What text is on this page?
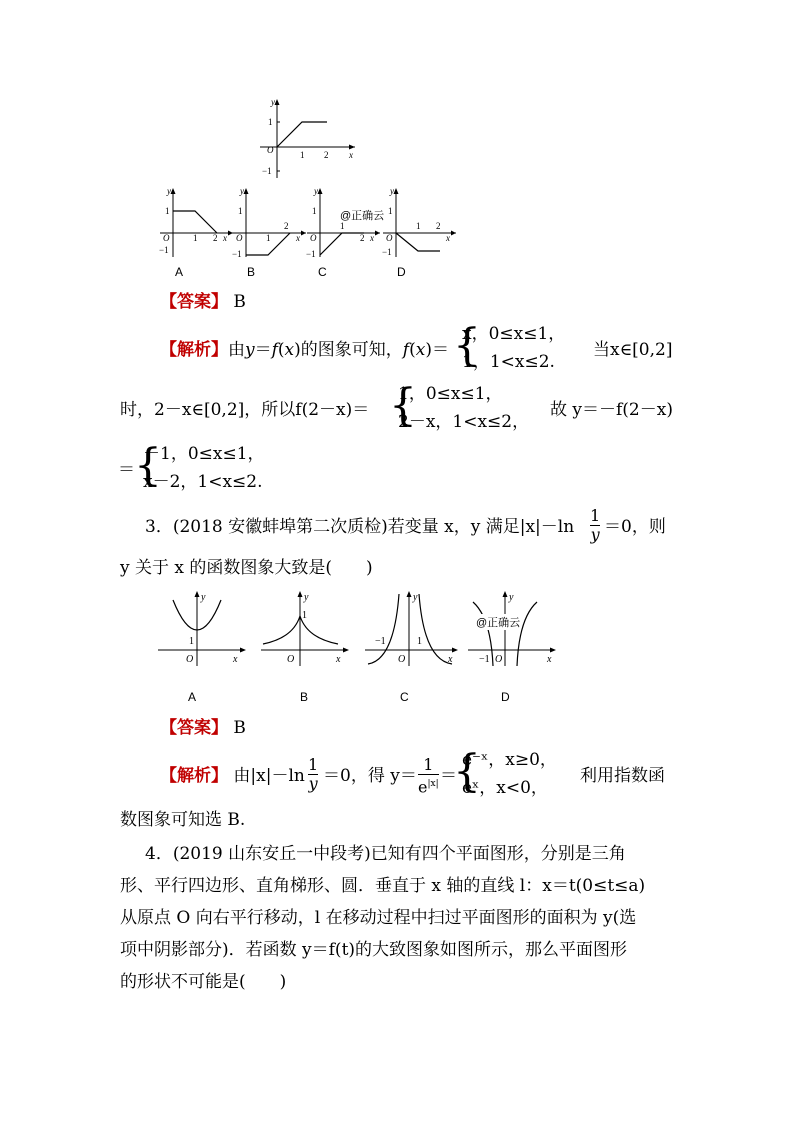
1
O	1 2 x
y
−1
1
O	1 2 x
y
−1
A
1
O	1
2
x
y
−1
B
1
O
1
2 x
y
−1
@正确云
C
1
O
1 2
x
y
−1
D
【答案】 B
【解析】由y＝f(x)的图象可知，f(x)＝ {
x，0≤x≤1，
1，1<x≤2.
当x∈[0,2]
时，2－x∈[0,2]，所以f(2－x)＝ {
1，0≤x≤1，
2－x，1<x≤2，
故 y＝－f(2－x)
＝ {
－1，0≤x≤1，
x－2，1<x≤2.
3．(2018 安徽蚌埠第二次质检)若变量 x，y 满足|x|－ln
1
y ＝0，则
y 关于 x 的函数图象大致是(　　)
1
O	x
y
A
1
O	x
y
B
−1	1
O	x
y
C
−1 O	x
y
@正确云
D
【答案】 B
【解析】 由|x|－ln
1
y ＝0，得 y＝
1
$e^{|x|}$ ＝
{
e⁻ˣ，x≥0，
eˣ，x<0，
利用指数函
数图象可知选 B.
4．(2019 山东安丘一中段考)已知有四个平面图形，分别是三角
形、平行四边形、直角梯形、圆．垂直于 x 轴的直线 l：x＝t(0≤t≤a)
从原点 O 向右平行移动，l 在移动过程中扫过平面图形的面积为 y(选
项中阴影部分)．若函数 y＝f(t)的大致图象如图所示，那么平面图形
的形状不可能是(　　)
